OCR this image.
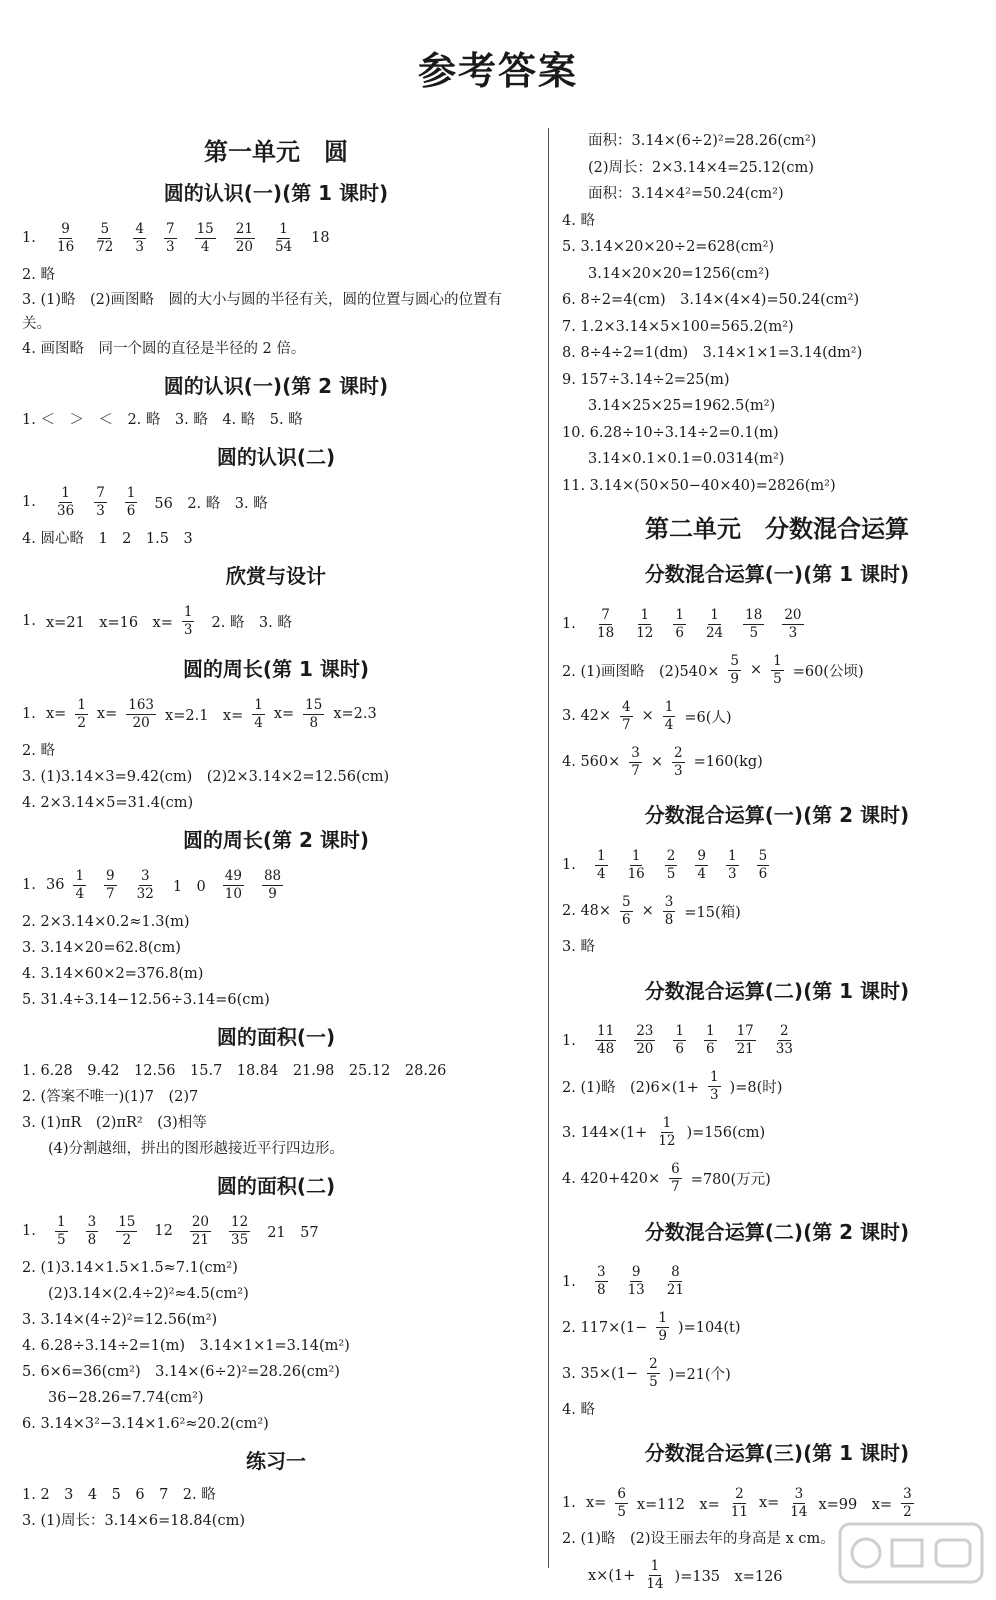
参考答案
第一单元　圆
圆的认识(一)(第 1 课时)
1.	$\frac{9}{16} \frac{5}{72} \frac{4}{3} \frac{7}{3} \frac{15}{4} \frac{21}{20} \frac{1}{54} 18$
2. 略
3. (1)略　(2)画图略　圆的大小与圆的半径有关，圆的位置与圆心的位置有关。
4. 画图略　同一个圆的直径是半径的 2 倍。
圆的认识(一)(第 2 课时)
1. ＜　＞　＜　2. 略　3. 略　4. 略　5. 略
圆的认识(二)
1.	$\frac{1}{36} \frac{7}{3} \frac{1}{6} 56$　2. 略　3. 略
4. 圆心略　1　2　1.5　3
欣赏与设计
1. x=21　x=16　$x= \frac{1}{3} 2$. 略　3. 略
圆的周长(第 1 课时)
1. $x= \frac{1}{2} x= \frac{163}{20} x=2.1$　$x= \frac{1}{4} x= \frac{15}{8} x=2.3$
2. 略
3. (1)3.14×3=9.42(cm)　(2)2×3.14×2=12.56(cm)
4. 2×3.14×5=31.4(cm)
圆的周长(第 2 课时)
1. $36 \frac{1}{4} \frac{9}{7} \frac{3}{32} 1$　$0 \frac{49}{10} \frac{88}{9}$
2. 2×3.14×0.2≈1.3(m)
3. 3.14×20=62.8(cm)
4. 3.14×60×2=376.8(m)
5. 31.4÷3.14−12.56÷3.14=6(cm)
圆的面积(一)
1. 6.28　9.42　12.56　15.7　18.84　21.98　25.12　28.26
2. (答案不唯一)(1)7　(2)7
3. (1)πR　(2)πR²　(3)相等
(4)分割越细，拼出的图形越接近平行四边形。
圆的面积(二)
1.	$\frac{1}{5} \frac{3}{8} \frac{15}{2} 12 \frac{20}{21} \frac{12}{35} 21$　57
2. (1)3.14×1.5×1.5≈7.1(cm²)
(2)3.14×(2.4÷2)²≈4.5(cm²)
3. 3.14×(4÷2)²=12.56(m²)
4. 6.28÷3.14÷2=1(m)　3.14×1×1=3.14(m²)
5. 6×6=36(cm²)　3.14×(6÷2)²=28.26(cm²)
36−28.26=7.74(cm²)
6. 3.14×3²−3.14×1.6²≈20.2(cm²)
练习一
1. 2　3　4　5　6　7　2. 略
3. (1)周长：3.14×6=18.84(cm)
面积：3.14×(6÷2)²=28.26(cm²)
(2)周长：2×3.14×4=25.12(cm)
面积：3.14×4²=50.24(cm²)
4. 略
5. 3.14×20×20÷2=628(cm²)
3.14×20×20=1256(cm²)
6. 8÷2=4(cm)　3.14×(4×4)=50.24(cm²)
7. 1.2×3.14×5×100=565.2(m²)
8. 8÷4÷2=1(dm)　3.14×1×1=3.14(dm²)
9. 157÷3.14÷2=25(m)
3.14×25×25=1962.5(m²)
10. 6.28÷10÷3.14÷2=0.1(m)
3.14×0.1×0.1=0.0314(m²)
11. 3.14×(50×50−40×40)=2826(m²)
第二单元　分数混合运算
分数混合运算(一)(第 1 课时)
1.	$\frac{7}{18} \frac{1}{12} \frac{1}{6} \frac{1}{24} \frac{18}{5} \frac{20}{3}$
2. (1)画图略　$(2)540\times \frac{5}{9} \times \frac{1}{5} =60$(公顷)
3. $42\times \frac{4}{7} \times \frac{1}{4} =6$(人)
4. $560\times \frac{3}{7} \times \frac{2}{3} =160(kg)$
分数混合运算(一)(第 2 课时)
1.	$\frac{1}{4} \frac{1}{16} \frac{2}{5} \frac{9}{4} \frac{1}{3} \frac{5}{6}$
2. $48\times \frac{5}{6} \times \frac{3}{8} =15$(箱)
3. 略
分数混合运算(二)(第 1 课时)
1.	$\frac{11}{48} \frac{23}{20} \frac{1}{6} \frac{1}{6} \frac{17}{21} \frac{2}{33}$
2. (1)略　$(2)6\times(1+ \frac{1}{3} )=8$(时)
3. $144\times(1+ \frac{1}{12} )=156(cm)$
4. $420+420\times \frac{6}{7} =780$(万元)
分数混合运算(二)(第 2 课时)
1.	$\frac{3}{8} \frac{9}{13} \frac{8}{21}$
2. $117\times(1- \frac{1}{9} )=104(t)$
3. $35\times(1- \frac{2}{5} )=21$(个)
4. 略
分数混合运算(三)(第 1 课时)
1. $x= \frac{6}{5} x=112$　$x= \frac{2}{11} x= \frac{3}{14} x=99$　$x= \frac{3}{2}$
2. (1)略　(2)设王丽去年的身高是 x cm。
$x\times(1+ \frac{1}{14} )=135$　x=126
